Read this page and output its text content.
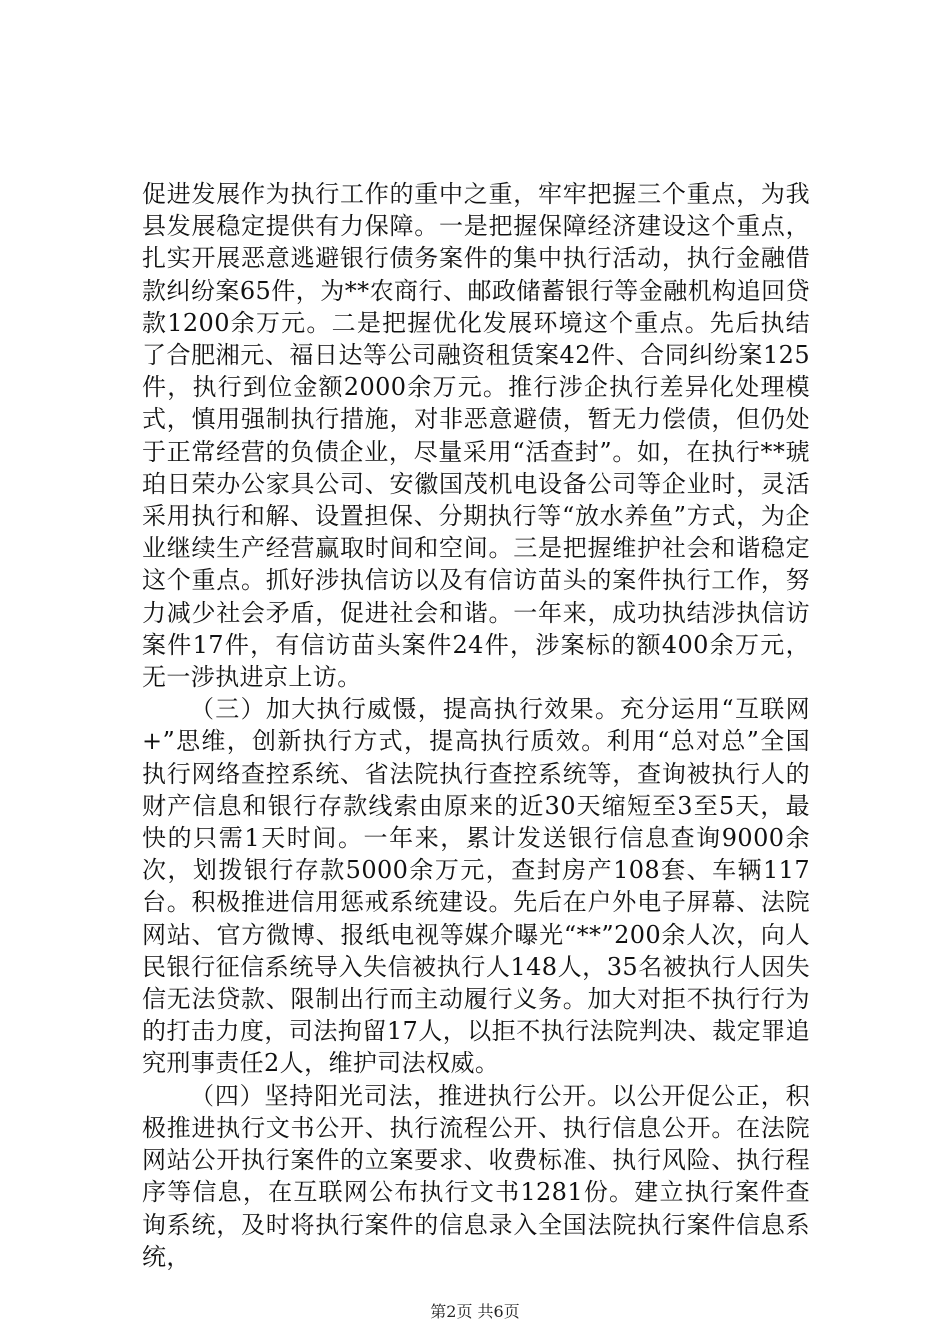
促进发展作为执行工作的重中之重，牢牢把握三个重点，为我县发展稳定提供有力保障。一是把握保障经济建设这个重点，扎实开展恶意逃避银行债务案件的集中执行活动，执行金融借款纠纷案65件，为**农商行、邮政储蓄银行等金融机构追回贷款1200余万元。二是把握优化发展环境这个重点。先后执结了合肥湘元、福日达等公司融资租赁案42件、合同纠纷案125件，执行到位金额2000余万元。推行涉企执行差异化处理模式，慎用强制执行措施，对非恶意避债，暂无力偿债，但仍处于正常经营的负债企业，尽量采用“活查封”。如，在执行**琥珀日荣办公家具公司、安徽国茂机电设备公司等企业时，灵活采用执行和解、设置担保、分期执行等“放水养鱼”方式，为企业继续生产经营赢取时间和空间。三是把握维护社会和谐稳定这个重点。抓好涉执信访以及有信访苗头的案件执行工作，努力减少社会矛盾，促进社会和谐。一年来，成功执结涉执信访案件17件，有信访苗头案件24件，涉案标的额400余万元，无一涉执进京上访。

（三）加大执行威慑，提高执行效果。充分运用“互联网+”思维，创新执行方式，提高执行质效。利用“总对总”全国执行网络查控系统、省法院执行查控系统等，查询被执行人的财产信息和银行存款线索由原来的近30天缩短至3至5天，最快的只需1天时间。一年来，累计发送银行信息查询9000余次，划拨银行存款5000余万元，查封房产108套、车辆117台。积极推进信用惩戒系统建设。先后在户外电子屏幕、法院网站、官方微博、报纸电视等媒介曝光“**”200余人次，向人民银行征信系统导入失信被执行人148人，35名被执行人因失信无法贷款、限制出行而主动履行义务。加大对拒不执行行为的打击力度，司法拘留17人，以拒不执行法院判决、裁定罪追究刑事责任2人，维护司法权威。

（四）坚持阳光司法，推进执行公开。以公开促公正，积极推进执行文书公开、执行流程公开、执行信息公开。在法院网站公开执行案件的立案要求、收费标准、执行风险、执行程序等信息，在互联网公布执行文书1281份。建立执行案件查询系统，及时将执行案件的信息录入全国法院执行案件信息系统，

第2页 共6页
